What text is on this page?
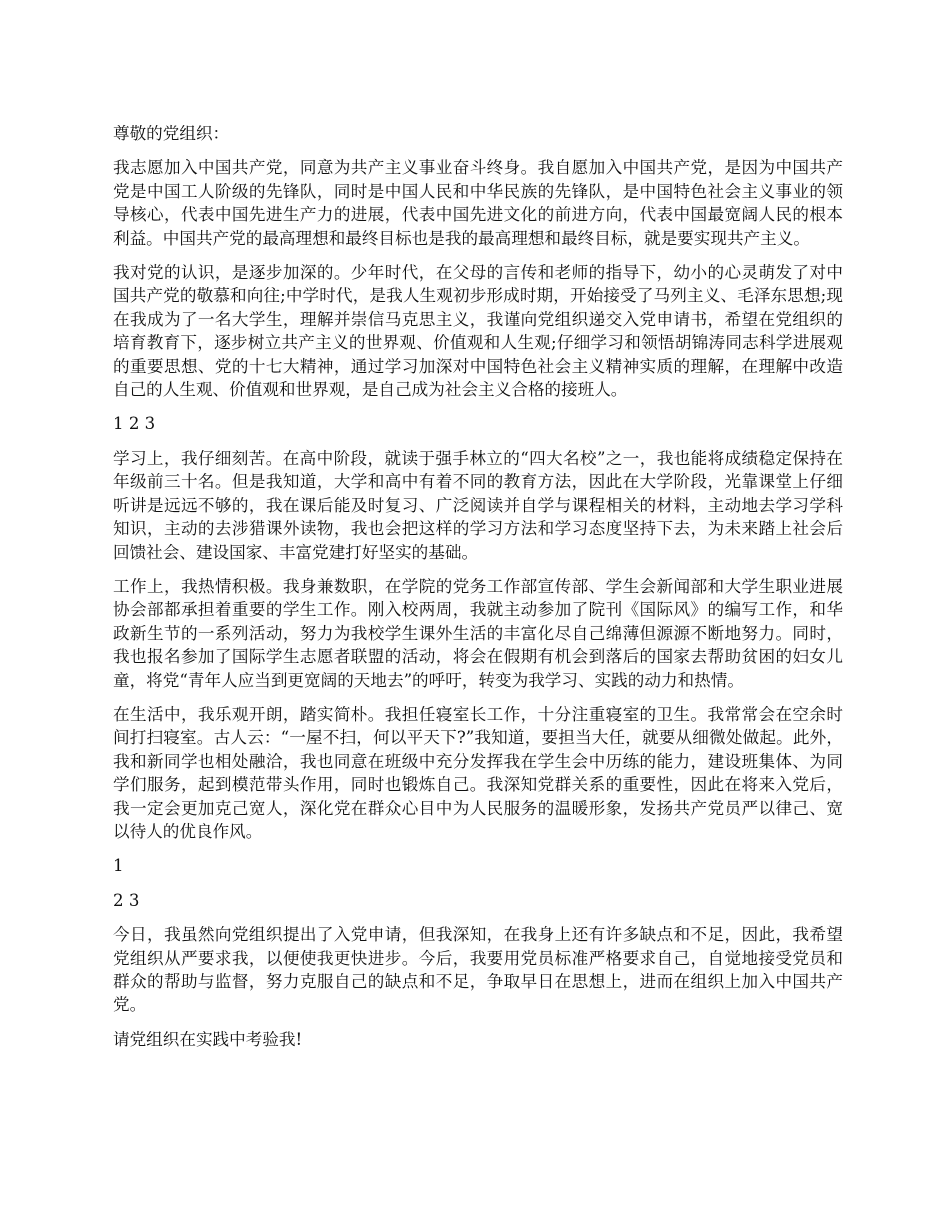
尊敬的党组织：

我志愿加入中国共产党，同意为共产主义事业奋斗终身。我自愿加入中国共产党，是因为中国共产党是中国工人阶级的先锋队，同时是中国人民和中华民族的先锋队，是中国特色社会主义事业的领导核心，代表中国先进生产力的进展，代表中国先进文化的前进方向，代表中国最宽阔人民的根本利益。中国共产党的最高理想和最终目标也是我的最高理想和最终目标，就是要实现共产主义。

我对党的认识，是逐步加深的。少年时代，在父母的言传和老师的指导下，幼小的心灵萌发了对中国共产党的敬慕和向往;中学时代，是我人生观初步形成时期，开始接受了马列主义、毛泽东思想;现在我成为了一名大学生，理解并崇信马克思主义，我谨向党组织递交入党申请书，希望在党组织的培育教育下，逐步树立共产主义的世界观、价值观和人生观;仔细学习和领悟胡锦涛同志科学进展观的重要思想、党的十七大精神，通过学习加深对中国特色社会主义精神实质的理解，在理解中改造自己的人生观、价值观和世界观，是自己成为社会主义合格的接班人。

1 2 3

学习上，我仔细刻苦。在高中阶段，就读于强手林立的“四大名校”之一，我也能将成绩稳定保持在年级前三十名。但是我知道，大学和高中有着不同的教育方法，因此在大学阶段，光靠课堂上仔细听讲是远远不够的，我在课后能及时复习、广泛阅读并自学与课程相关的材料，主动地去学习学科知识，主动的去涉猎课外读物，我也会把这样的学习方法和学习态度坚持下去，为未来踏上社会后回馈社会、建设国家、丰富党建打好坚实的基础。

工作上，我热情积极。我身兼数职，在学院的党务工作部宣传部、学生会新闻部和大学生职业进展协会部都承担着重要的学生工作。刚入校两周，我就主动参加了院刊《国际风》的编写工作，和华政新生节的一系列活动，努力为我校学生课外生活的丰富化尽自己绵薄但源源不断地努力。同时，我也报名参加了国际学生志愿者联盟的活动，将会在假期有机会到落后的国家去帮助贫困的妇女儿童，将党“青年人应当到更宽阔的天地去”的呼吁，转变为我学习、实践的动力和热情。

在生活中，我乐观开朗，踏实简朴。我担任寝室长工作，十分注重寝室的卫生。我常常会在空余时间打扫寝室。古人云：“一屋不扫，何以平天下?”我知道，要担当大任，就要从细微处做起。此外，我和新同学也相处融洽，我也同意在班级中充分发挥我在学生会中历练的能力，建设班集体、为同学们服务，起到模范带头作用，同时也锻炼自己。我深知党群关系的重要性，因此在将来入党后，我一定会更加克己宽人，深化党在群众心目中为人民服务的温暖形象，发扬共产党员严以律己、宽以待人的优良作风。

1

2 3

今日，我虽然向党组织提出了入党申请，但我深知，在我身上还有许多缺点和不足，因此，我希望党组织从严要求我，以便使我更快进步。今后，我要用党员标准严格要求自己，自觉地接受党员和群众的帮助与监督，努力克服自己的缺点和不足，争取早日在思想上，进而在组织上加入中国共产党。

请党组织在实践中考验我!
